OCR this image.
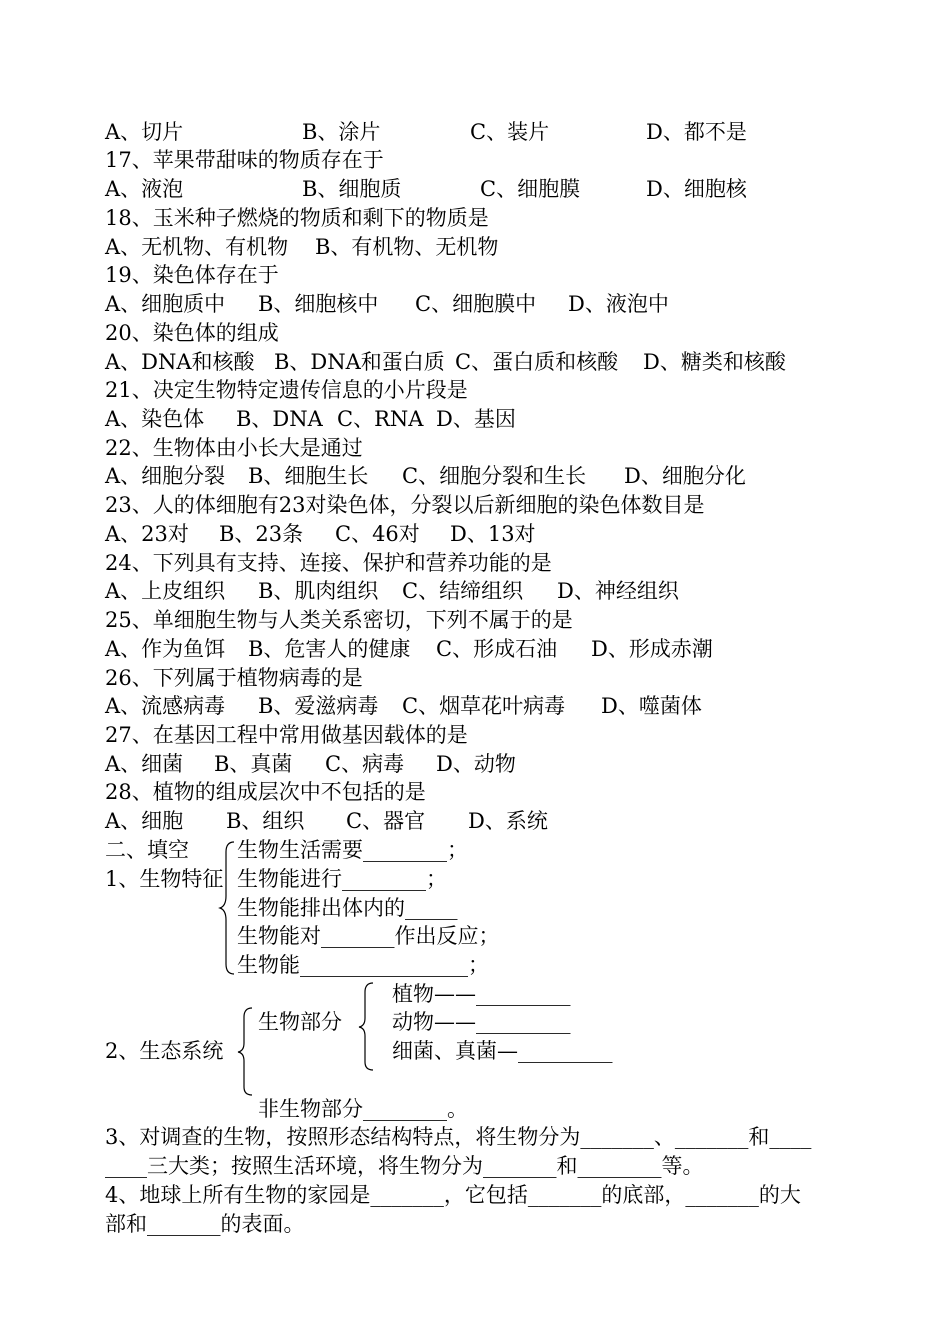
A、切片	B、涂片	C、装片	D、都不是
17、苹果带甜味的物质存在于
A、液泡	B、细胞质	C、细胞膜	D、细胞核
18、玉米种子燃烧的物质和剩下的物质是
A、无机物、有机物 B、有机物、无机物
19、染色体存在于
A、细胞质中 B、细胞核中 C、细胞膜中 D、液泡中
20、染色体的组成
A、DNA和核酸 B、DNA和蛋白质 C、蛋白质和核酸 D、糖类和核酸
21、决定生物特定遗传信息的小片段是
A、染色体 B、DNA C、RNA D、基因
22、生物体由小长大是通过
A、细胞分裂 B、细胞生长 C、细胞分裂和生长 D、细胞分化
23、人的体细胞有23对染色体，分裂以后新细胞的染色体数目是
A、23对 B、23条 C、46对 D、13对
24、下列具有支持、连接、保护和营养功能的是
A、上皮组织 B、肌肉组织 C、结缔组织 D、神经组织
25、单细胞生物与人类关系密切，下列不属于的是
A、作为鱼饵 B、危害人的健康 C、形成石油 D、形成赤潮
26、下列属于植物病毒的是
A、流感病毒 B、爱滋病毒 C、烟草花叶病毒 D、噬菌体
27、在基因工程中常用做基因载体的是
A、细菌 B、真菌 C、病毒 D、动物
28、植物的组成层次中不包括的是
A、细胞 B、组织 C、器官 D、系统
二、填空
1、生物特征
生物生活需要________；
生物能进行________；
生物能排出体内的_____
生物能对_______作出反应；
生物能________________；
2、生态系统
生物部分
植物——_________
动物——_________
细菌、真菌—_________
非生物部分________。
3、对调查的生物，按照形态结构特点，将生物分为_______、_______和____
____三大类；按照生活环境，将生物分为_______和________等。
4、地球上所有生物的家园是_______，它包括_______的底部，_______的大
部和_______的表面。
